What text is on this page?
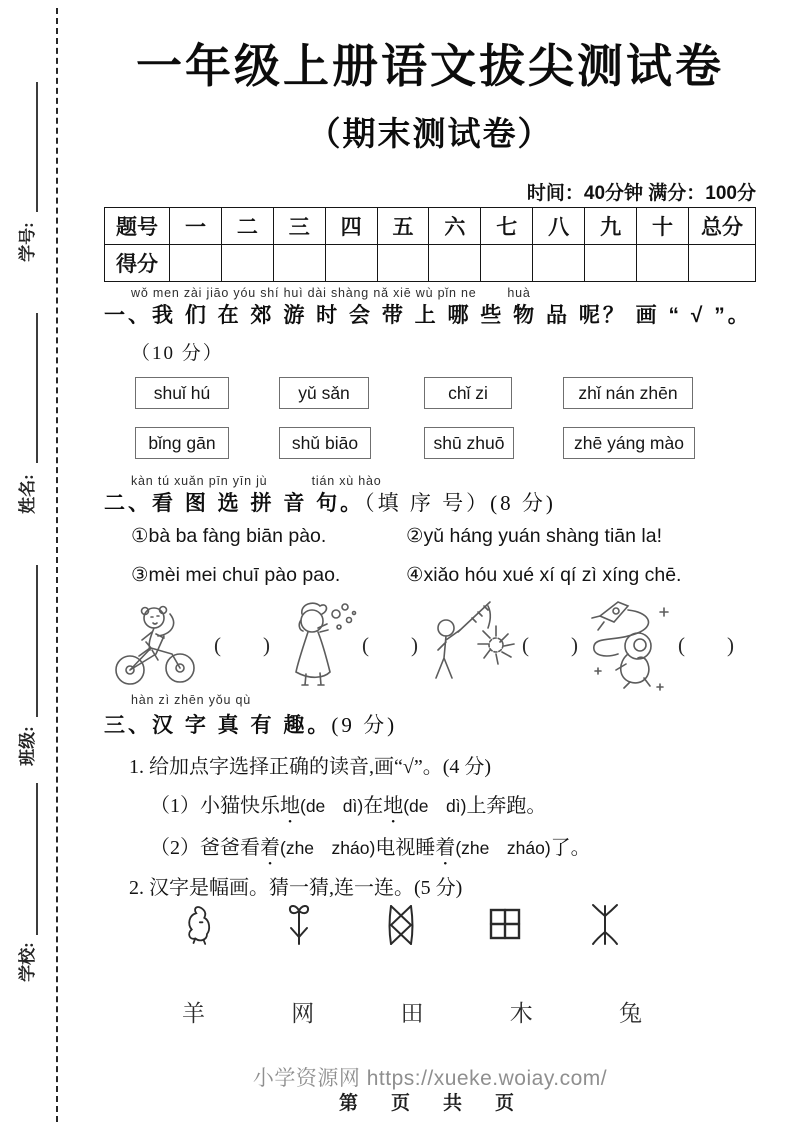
学号:
姓名:
班级:
学校:
一年级上册语文拔尖测试卷
（期末测试卷）
时间：40分钟 满分：100分
题号	一	二	三	四	五	六	七	八	九	十	总分
得分											
wǒ men zài jiāo yóu shí huì dài shàng nǎ xiē wù pǐn ne　　 huà
一、我 们 在 郊 游 时 会 带 上 哪 些 物 品 呢？ 画 “ √ ”。
（10 分）
shuǐ hú	yǔ sǎn	chǐ zi	zhǐ nán zhēn
bǐng gān	shǔ biāo	shū zhuō	zhē yáng mào
kàn tú xuǎn pīn yīn jù　　　 tián xù hào
二、看 图 选 拼 音 句。（填 序 号）(8 分)
①bà ba fàng biān pào.	②yǔ háng yuán shàng tiān la!
③mèi mei chuī pào pao.	④xiǎo hóu xué xí qí zì xíng chē.
(　　)	(　　)	(　　)	(　　)
hàn zì zhēn yǒu qù
三、汉 字 真 有 趣。(9 分)
1. 给加点字选择正确的读音,画“√”。(4 分)
（1）小猫快乐地(de　dì)在地(de　dì)上奔跑。
（2）爸爸看着(zhe　zháo)电视睡着(zhe　zháo)了。
2. 汉字是幅画。猜一猜,连一连。(5 分)
羊	网	田	木	兔
小学资源网 https://xueke.woiay.com/
第　页　共　页
